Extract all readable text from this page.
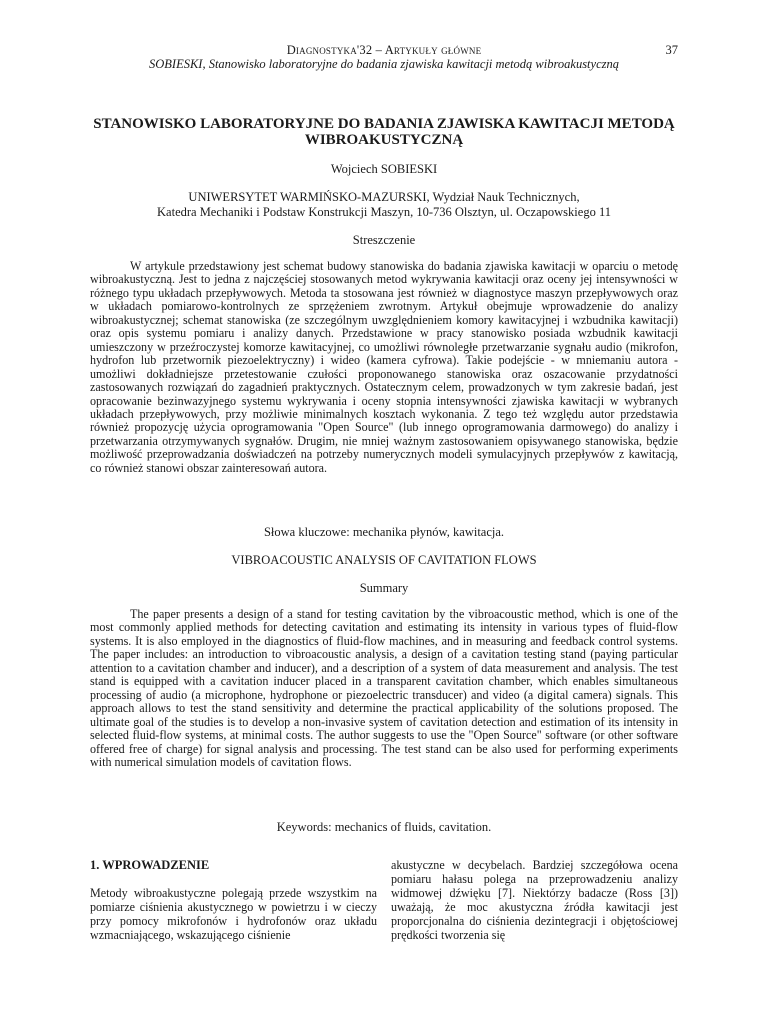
Diagnostyka'32 – Artykuły główne	37
SOBIESKI, Stanowisko laboratoryjne do badania zjawiska kawitacji metodą wibroakustyczną
STANOWISKO LABORATORYJNE DO BADANIA ZJAWISKA KAWITACJI METODĄ WIBROAKUSTYCZNĄ
Wojciech SOBIESKI
UNIWERSYTET WARMIŃSKO-MAZURSKI, Wydział Nauk Technicznych,
Katedra Mechaniki i Podstaw Konstrukcji Maszyn, 10-736 Olsztyn, ul. Oczapowskiego 11
Streszczenie

W artykule przedstawiony jest schemat budowy stanowiska do badania zjawiska kawitacji w oparciu o metodę wibroakustyczną. Jest to jedna z najczęściej stosowanych metod wykrywania kawitacji oraz oceny jej intensywności w różnego typu układach przepływowych. Metoda ta stosowana jest również w diagnostyce maszyn przepływowych oraz w układach pomiarowo-kontrolnych ze sprzężeniem zwrotnym. Artykuł obejmuje wprowadzenie do analizy wibroakustycznej; schemat stanowiska (ze szczególnym uwzględnieniem komory kawitacyjnej i wzbudnika kawitacji) oraz opis systemu pomiaru i analizy danych. Przedstawione w pracy stanowisko posiada wzbudnik kawitacji umieszczony w przeźroczystej komorze kawitacyjnej, co umożliwi równoległe przetwarzanie sygnału audio (mikrofon, hydrofon lub przetwornik piezoelektryczny) i wideo (kamera cyfrowa). Takie podejście - w mniemaniu autora - umożliwi dokładniejsze przetestowanie czułości proponowanego stanowiska oraz oszacowanie przydatności zastosowanych rozwiązań do zagadnień praktycznych. Ostatecznym celem, prowadzonych w tym zakresie badań, jest opracowanie bezinwazyjnego systemu wykrywania i oceny stopnia intensywności zjawiska kawitacji w wybranych układach przepływowych, przy możliwie minimalnych kosztach wykonania. Z tego też względu autor przedstawia również propozycję użycia oprogramowania "Open Source" (lub innego oprogramowania darmowego) do analizy i przetwarzania otrzymywanych sygnałów. Drugim, nie mniej ważnym zastosowaniem opisywanego stanowiska, będzie możliwość przeprowadzania doświadczeń na potrzeby numerycznych modeli symulacyjnych przepływów z kawitacją, co również stanowi obszar zainteresowań autora.

Słowa kluczowe: mechanika płynów, kawitacja.
VIBROACOUSTIC ANALYSIS OF CAVITATION FLOWS
Summary

The paper presents a design of a stand for testing cavitation by the vibroacoustic method, which is one of the most commonly applied methods for detecting cavitation and estimating its intensity in various types of fluid-flow systems. It is also employed in the diagnostics of fluid-flow machines, and in measuring and feedback control systems. The paper includes: an introduction to vibroacoustic analysis, a design of a cavitation testing stand (paying particular attention to a cavitation chamber and inducer), and a description of a system of data measurement and analysis. The test stand is equipped with a cavitation inducer placed in a transparent cavitation chamber, which enables simultaneous processing of audio (a microphone, hydrophone or piezoelectric transducer) and video (a digital camera) signals. This approach allows to test the stand sensitivity and determine the practical applicability of the solutions proposed. The ultimate goal of the studies is to develop a non-invasive system of cavitation detection and estimation of its intensity in selected fluid-flow systems, at minimal costs. The author suggests to use the "Open Source" software (or other software offered free of charge) for signal analysis and processing. The test stand can be also used for performing experiments with numerical simulation models of cavitation flows.

Keywords: mechanics of fluids, cavitation.
1. WPROWADZENIE

Metody wibroakustyczne polegają przede wszystkim na pomiarze ciśnienia akustycznego w powietrzu i w cieczy przy pomocy mikrofonów i hydrofonów oraz układu wzmacniającego, wskazującego ciśnienie

akustyczne w decybelach. Bardziej szczegółowa ocena pomiaru hałasu polega na przeprowadzeniu analizy widmowej dźwięku [7]. Niektórzy badacze (Ross [3]) uważają, że moc akustyczna źródła kawitacji jest proporcjonalna do ciśnienia dezintegracji i objętościowej prędkości tworzenia się
